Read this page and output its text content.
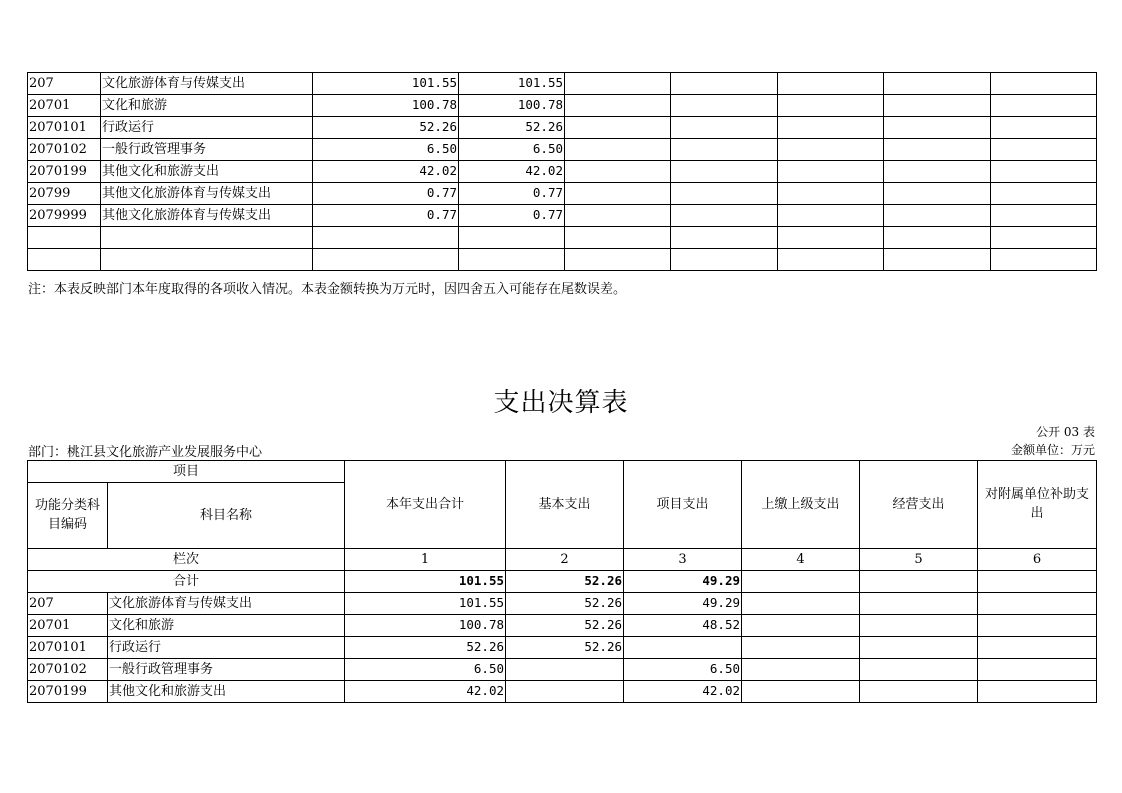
207	文化旅游体育与传媒支出	101.55	101.55					
20701	文化和旅游	100.78	100.78					
2070101	行政运行	52.26	52.26					
2070102	一般行政管理事务	6.50	6.50					
2070199	其他文化和旅游支出	42.02	42.02					
20799	其他文化旅游体育与传媒支出	0.77	0.77					
2079999	其他文化旅游体育与传媒支出	0.77	0.77					

注：本表反映部门本年度取得的各项收入情况。本表金额转换为万元时，因四舍五入可能存在尾数误差。
支出决算表
公开 03 表
部门：桃江县文化旅游产业发展服务中心	金额单位：万元
项目		本年支出合计	基本支出	项目支出	上缴上级支出	经营支出	对附属单位补助支出
功能分类科目编码	科目名称						
栏次		1	2	3	4	5	6
合计		101.55	52.26	49.29			
207	文化旅游体育与传媒支出	101.55	52.26	49.29			
20701	文化和旅游	100.78	52.26	48.52			
2070101	行政运行	52.26	52.26				
2070102	一般行政管理事务	6.50		6.50			
2070199	其他文化和旅游支出	42.02		42.02			
